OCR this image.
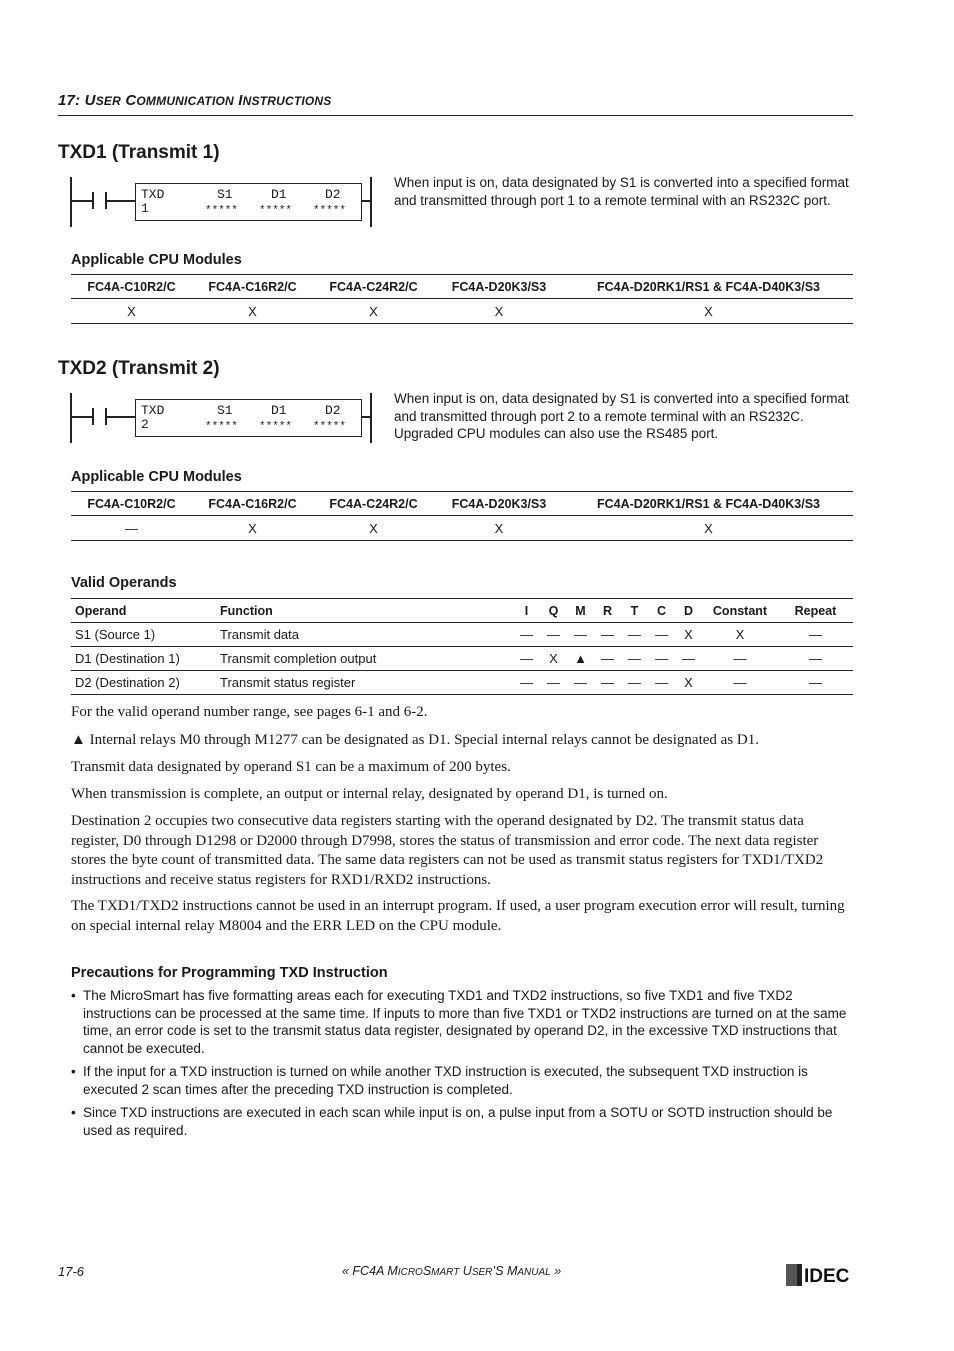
17: USER COMMUNICATION INSTRUCTIONS
TXD1 (Transmit 1)
TXD
1
S1	D1	D2
***** ***** *****
When input is on, data designated by S1 is converted into a specified format and transmitted through port 1 to a remote terminal with an RS232C port.
Applicable CPU Modules
FC4A-C10R2/C	FC4A-C16R2/C	FC4A-C24R2/C	FC4A-D20K3/S3	FC4A-D20RK1/RS1 & FC4A-D40K3/S3
X	X	X	X	X
TXD2 (Transmit 2)
TXD
2
S1	D1	D2
***** ***** *****
When input is on, data designated by S1 is converted into a specified format and transmitted through port 2 to a remote terminal with an RS232C. Upgraded CPU modules can also use the RS485 port.
Applicable CPU Modules
FC4A-C10R2/C	FC4A-C16R2/C	FC4A-C24R2/C	FC4A-D20K3/S3	FC4A-D20RK1/RS1 & FC4A-D40K3/S3
—	X	X	X	X
Valid Operands
Operand	Function	I	Q	M	R	T	C	D	Constant	Repeat
S1 (Source 1)	Transmit data	—	—	—	—	—	—	X	X	—
D1 (Destination 1)	Transmit completion output	—	X	▲	—	—	—	—	—	—
D2 (Destination 2)	Transmit status register	—	—	—	—	—	—	X	—	—
For the valid operand number range, see pages 6-1 and 6-2.
▲ Internal relays M0 through M1277 can be designated as D1. Special internal relays cannot be designated as D1.
Transmit data designated by operand S1 can be a maximum of 200 bytes.
When transmission is complete, an output or internal relay, designated by operand D1, is turned on.
Destination 2 occupies two consecutive data registers starting with the operand designated by D2. The transmit status data register, D0 through D1298 or D2000 through D7998, stores the status of transmission and error code. The next data register stores the byte count of transmitted data. The same data registers can not be used as transmit status registers for TXD1/TXD2 instructions and receive status registers for RXD1/RXD2 instructions.
The TXD1/TXD2 instructions cannot be used in an interrupt program. If used, a user program execution error will result, turning on special internal relay M8004 and the ERR LED on the CPU module.
Precautions for Programming TXD Instruction
• The MicroSmart has five formatting areas each for executing TXD1 and TXD2 instructions, so five TXD1 and five TXD2 instructions can be processed at the same time. If inputs to more than five TXD1 or TXD2 instructions are turned on at the same time, an error code is set to the transmit status data register, designated by operand D2, in the excessive TXD instructions that cannot be executed.
• If the input for a TXD instruction is turned on while another TXD instruction is executed, the subsequent TXD instruction is executed 2 scan times after the preceding TXD instruction is completed.
• Since TXD instructions are executed in each scan while input is on, a pulse input from a SOTU or SOTD instruction should be used as required.
17-6	« FC4A MICROSMART USER’S MANUAL »	IDEC
